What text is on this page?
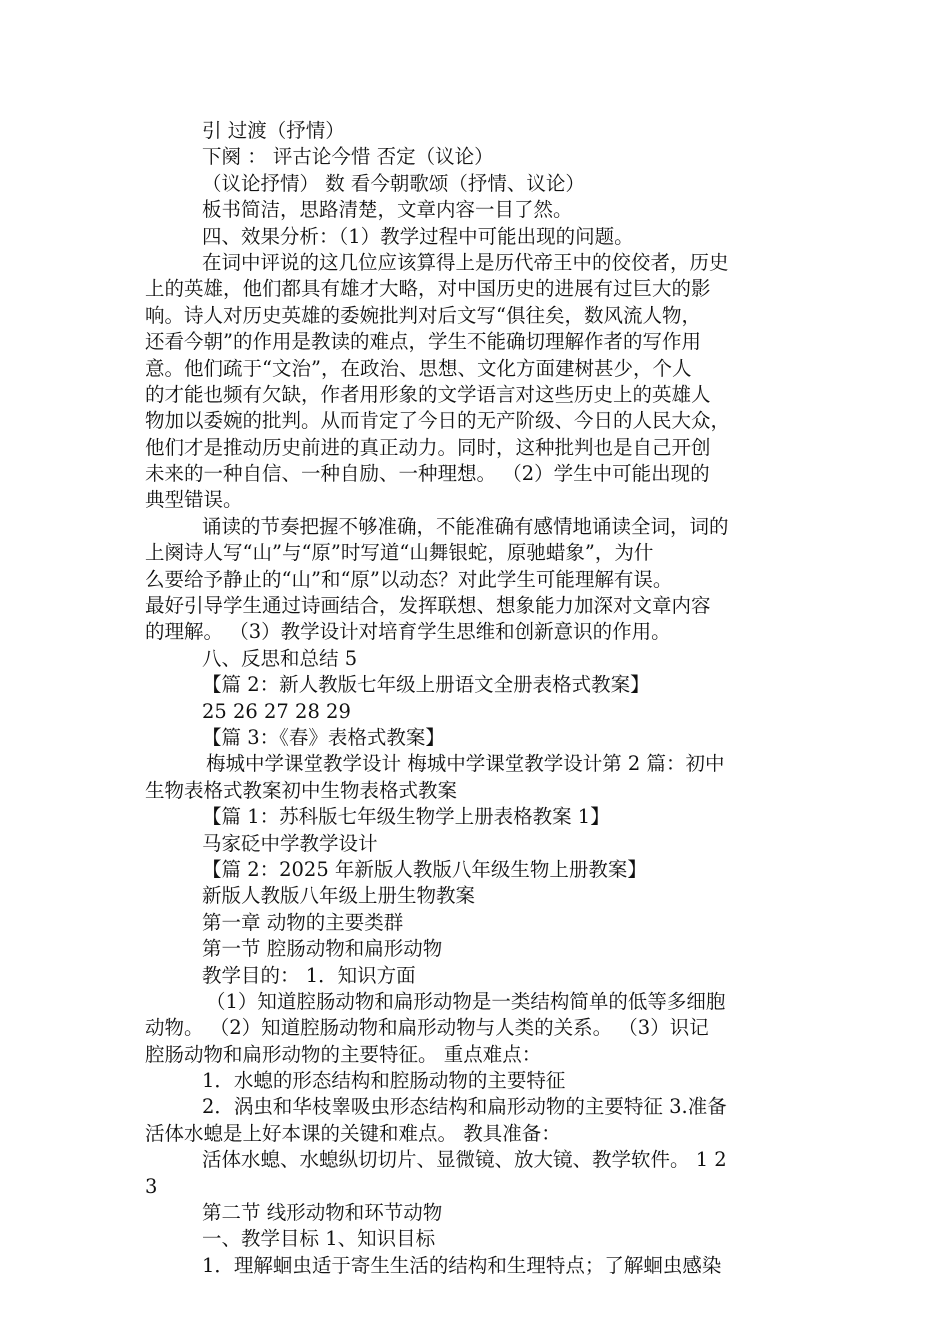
引 过渡（抒情）
下阕 ： 评古论今惜 否定（议论）
（议论抒情） 数 看今朝歌颂（抒情、议论）
板书简洁，思路清楚，文章内容一目了然。
四、效果分析：（1）教学过程中可能出现的问题。
在词中评说的这几位应该算得上是历代帝王中的佼佼者，历史
上的英雄，他们都具有雄才大略，对中国历史的进展有过巨大的影
响。诗人对历史英雄的委婉批判对后文写“俱往矣，数风流人物，
还看今朝”的作用是教读的难点，学生不能确切理解作者的写作用
意。他们疏于“文治”，在政治、思想、文化方面建树甚少，个人
的才能也频有欠缺，作者用形象的文学语言对这些历史上的英雄人
物加以委婉的批判。从而肯定了今日的无产阶级、今日的人民大众，
他们才是推动历史前进的真正动力。同时，这种批判也是自己开创
未来的一种自信、一种自励、一种理想。 （2）学生中可能出现的
典型错误。
诵读的节奏把握不够准确，不能准确有感情地诵读全词，词的
上阕诗人写“山”与“原”时写道“山舞银蛇，原驰蜡象”，为什
么要给予静止的“山”和“原”以动态？对此学生可能理解有误。
最好引导学生通过诗画结合，发挥联想、想象能力加深对文章内容
的理解。 （3）教学设计对培育学生思维和创新意识的作用。
八、反思和总结 5
【篇 2：新人教版七年级上册语文全册表格式教案】
25 26 27 28 29
【篇 3：《春》表格式教案】
梅城中学课堂教学设计 梅城中学课堂教学设计第 2 篇：初中
生物表格式教案初中生物表格式教案
【篇 1：苏科版七年级生物学上册表格教案 1】
马家砭中学教学设计
【篇 2：2025 年新版人教版八年级生物上册教案】
新版人教版八年级上册生物教案
第一章 动物的主要类群
第一节 腔肠动物和扁形动物
教学目的： 1．知识方面
（1）知道腔肠动物和扁形动物是一类结构简单的低等多细胞
动物。 （2）知道腔肠动物和扁形动物与人类的关系。 （3）识记
腔肠动物和扁形动物的主要特征。 重点难点：
1．水螅的形态结构和腔肠动物的主要特征
2．涡虫和华枝睾吸虫形态结构和扁形动物的主要特征 3.准备
活体水螅是上好本课的关键和难点。 教具准备：
活体水螅、水螅纵切切片、显微镜、放大镜、教学软件。 1 2
3
第二节 线形动物和环节动物
一、教学目标 1、知识目标
1．理解蛔虫适于寄生生活的结构和生理特点；了解蛔虫感染
